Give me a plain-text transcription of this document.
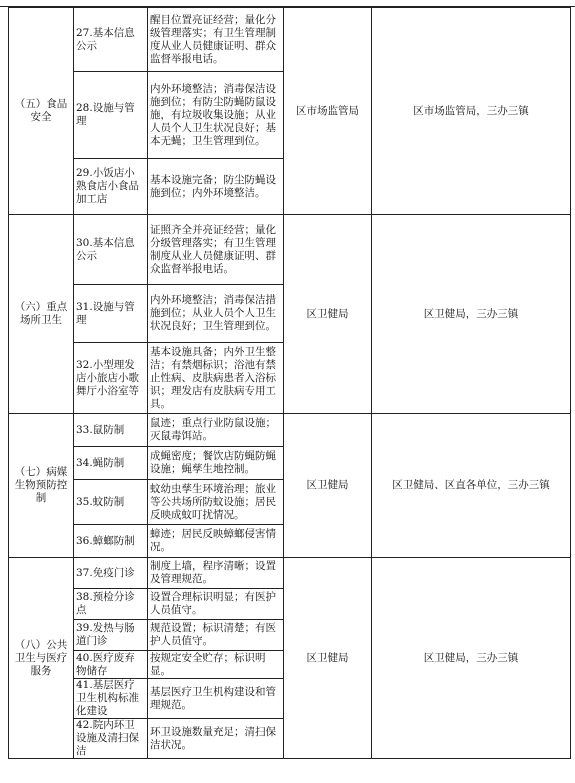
（五）食品安全	27.基本信息公示	醒目位置亮证经营；量化分级管理落实；有卫生管理制度从业人员健康证明、群众监督举报电话。	区市场监管局	区市场监管局，三办三镇
	28.设施与管理	内外环境整洁；消毒保洁设施到位；有防尘防蝇防鼠设施，有垃圾收集设施；从业人员个人卫生状况良好；基本无蝇；卫生管理到位。		
	29.小饭店小熟食店小食品加工店	基本设施完备；防尘防蝇设施到位；内外环境整洁。		
（六）重点场所卫生	30.基本信息公示	证照齐全并亮证经营；量化分级管理落实；有卫生管理制度从业人员健康证明、群众监督举报电话。	区卫健局	区卫健局，三办三镇
	31.设施与管理	内外环境整洁；消毒保洁措施到位；从业人员个人卫生状况良好；卫生管理到位。		
	32.小型理发店小旅店小歌舞厅小浴室等	基本设施具备；内外卫生整洁；有禁烟标识；浴池有禁止性病、皮肤病患者入浴标识；理发店有皮肤病专用工具。		
（七）病媒生物预防控制	33.鼠防制	鼠迹；重点行业防鼠设施；灭鼠毒饵站。	区卫健局	区卫健局、区直各单位，三办三镇
	34.蝇防制	成蝇密度；餐饮店防蝇防蝇设施；蝇孳生地控制。		
	35.蚊防制	蚊幼虫孳生环境治理；旅业等公共场所防蚊设施；居民反映成蚊叮扰情况。		
	36.蟑螂防制	蟑迹；居民反映蟑螂侵害情况。		
（八）公共卫生与医疗服务	37.免疫门诊	制度上墙，程序清晰；设置及管理规范。	区卫健局	区卫健局，三办三镇
	38.预检分诊点	设置合理标识明显；有医护人员值守。		
	39.发热与肠道门诊	规范设置；标识清楚；有医护人员值守。		
	40.医疗废弃物储存	按规定安全贮存；标识明显。		
	41.基层医疗卫生机构标准化建设	基层医疗卫生机构建设和管理规范。		
	42.院内环卫设施及清扫保洁	环卫设施数量充足；清扫保洁状况。		
